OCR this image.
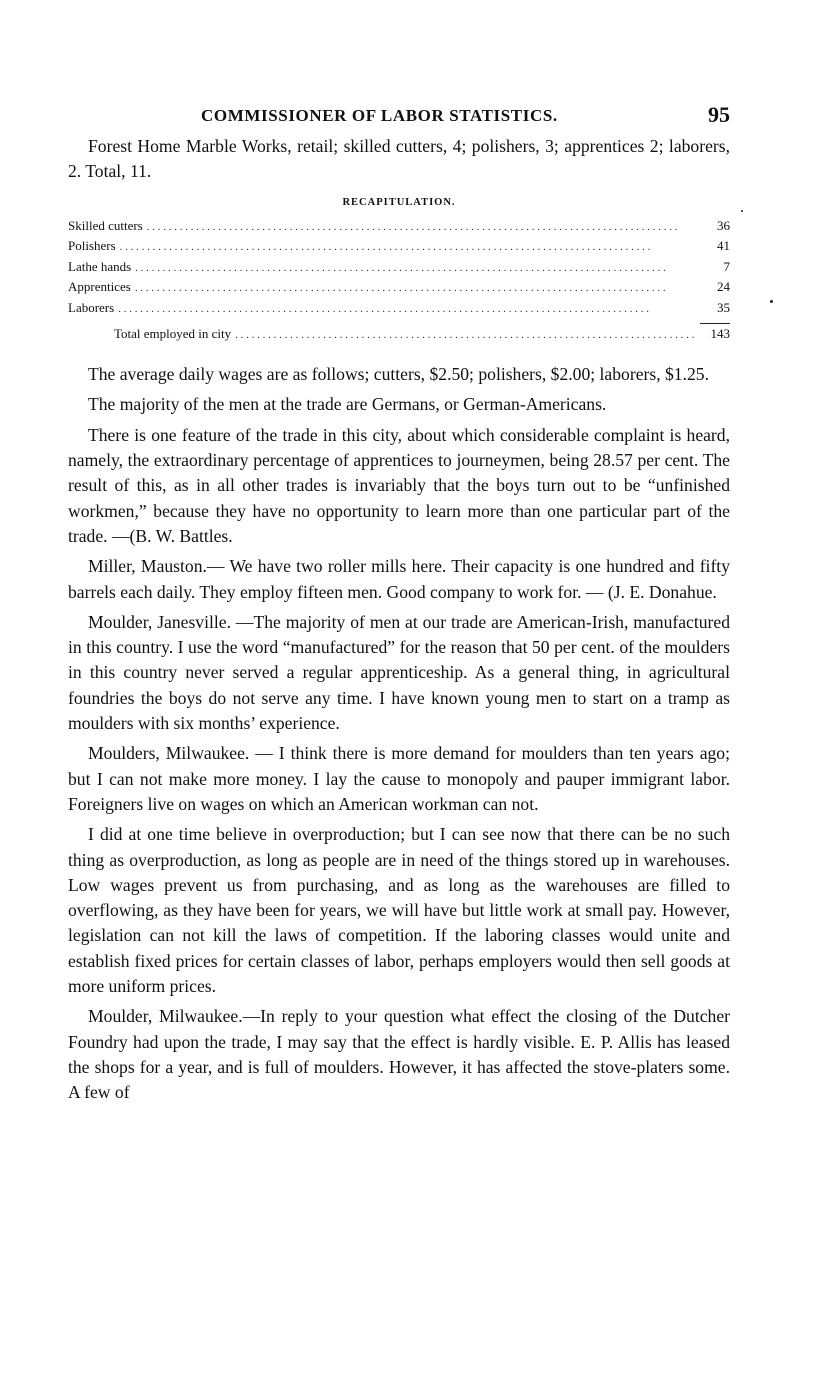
COMMISSIONER OF LABOR STATISTICS.	95

Forest Home Marble Works, retail; skilled cutters, 4; polishers, 3; apprentices 2; laborers, 2. Total, 11.

RECAPITULATION.
Skilled cutters . . .	36
Polishers . . .	41
Lathe hands . . .	7
Apprentices . . .	24
Laborers . . .	35
Total employed in city . . .	143

The average daily wages are as follows; cutters, $2.50; polishers, $2.00; laborers, $1.25.

The majority of the men at the trade are Germans, or German-Americans.

There is one feature of the trade in this city, about which considerable complaint is heard, namely, the extraordinary percentage of apprentices to journeymen, being 28.57 per cent. The result of this, as in all other trades is invariably that the boys turn out to be “unfinished workmen,” because they have no opportunity to learn more than one particular part of the trade. —(B. W. Battles.

Miller, Mauston.— We have two roller mills here. Their capacity is one hundred and fifty barrels each daily. They employ fifteen men. Good company to work for. — (J. E. Donahue.

Moulder, Janesville. —The majority of men at our trade are American-Irish, manufactured in this country. I use the word “manufactured” for the reason that 50 per cent. of the moulders in this country never served a regular apprenticeship. As a general thing, in agricultural foundries the boys do not serve any time. I have known young men to start on a tramp as moulders with six months’ experience.

Moulders, Milwaukee. — I think there is more demand for moulders than ten years ago; but I can not make more money. I lay the cause to monopoly and pauper immigrant labor. Foreigners live on wages on which an American workman can not.

I did at one time believe in overproduction; but I can see now that there can be no such thing as overproduction, as long as people are in need of the things stored up in warehouses. Low wages prevent us from purchasing, and as long as the warehouses are filled to overflowing, as they have been for years, we will have but little work at small pay. However, legislation can not kill the laws of competition. If the laboring classes would unite and establish fixed prices for certain classes of labor, perhaps employers would then sell goods at more uniform prices.

Moulder, Milwaukee.—In reply to your question what effect the closing of the Dutcher Foundry had upon the trade, I may say that the effect is hardly visible. E. P. Allis has leased the shops for a year, and is full of moulders. However, it has affected the stove-platers some. A few of
